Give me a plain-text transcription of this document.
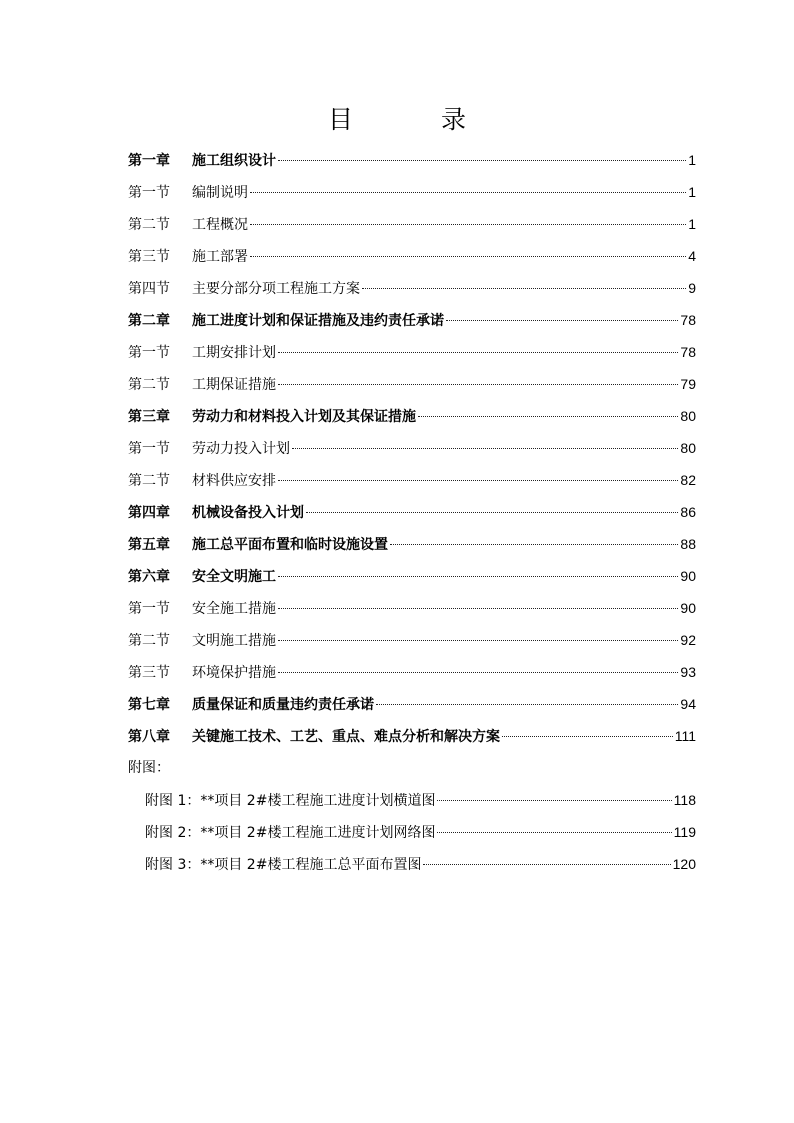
目	录
第一章	施工组织设计	1
第一节	编制说明	1
第二节	工程概况	1
第三节	施工部署	4
第四节	主要分部分项工程施工方案	9
第二章	施工进度计划和保证措施及违约责任承诺	78
第一节	工期安排计划	78
第二节	工期保证措施	79
第三章	劳动力和材料投入计划及其保证措施	80
第一节	劳动力投入计划	80
第二节	材料供应安排	82
第四章	机械设备投入计划	86
第五章	施工总平面布置和临时设施设置	88
第六章	安全文明施工	90
第一节	安全施工措施	90
第二节	文明施工措施	92
第三节	环境保护措施	93
第七章	质量保证和质量违约责任承诺	94
第八章	关键施工技术、工艺、重点、难点分析和解决方案	111
附图：
附图 1：**项目 2#楼工程施工进度计划横道图	118
附图 2：**项目 2#楼工程施工进度计划网络图	119
附图 3：**项目 2#楼工程施工总平面布置图	120
